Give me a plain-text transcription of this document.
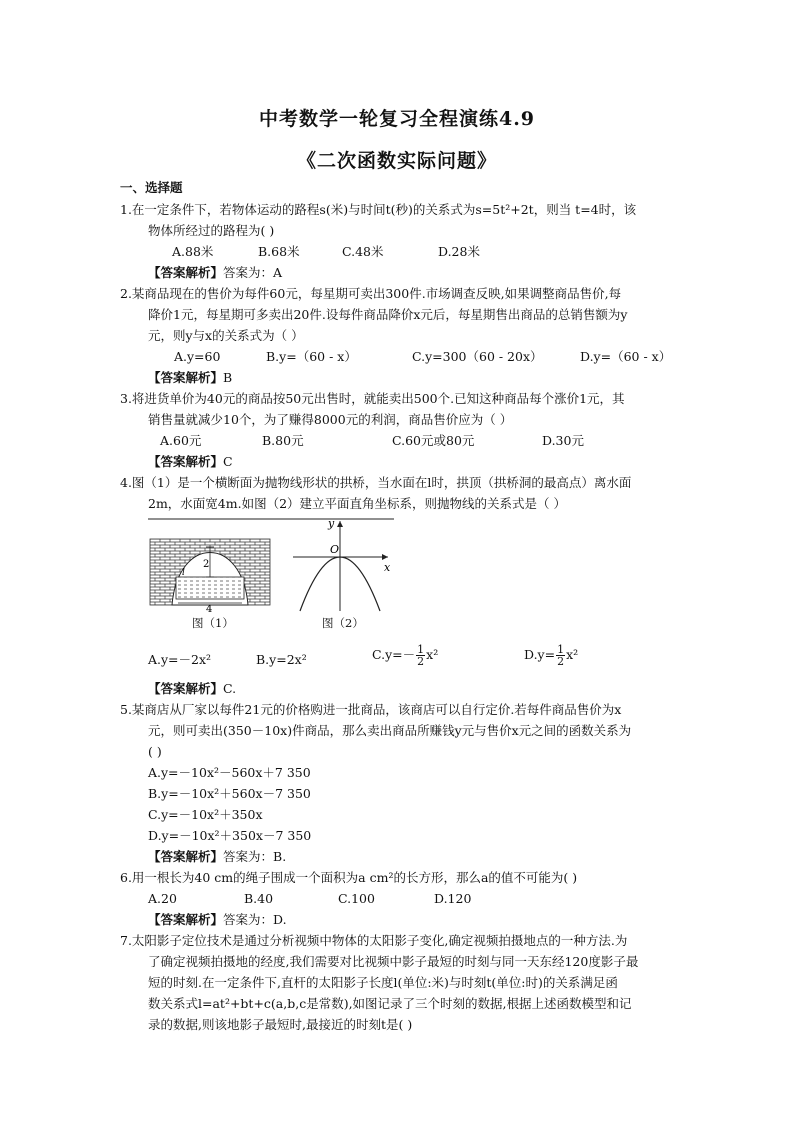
中考数学一轮复习全程演练4.9
《二次函数实际问题》
一、选择题
1.在一定条件下，若物体运动的路程s(米)与时间t(秒)的关系式为s=5t²+2t，则当 t=4时，该
物体所经过的路程为( )
A.88米	B.68米	C.48米	D.28米
【答案解析】答案为：A
2.某商品现在的售价为每件60元，每星期可卖出300件.市场调查反映,如果调整商品售价,每
降价1元，每星期可多卖出20件.设每件商品降价x元后，每星期售出商品的总销售额为y
元，则y与x的关系式为（ ）
A.y=60	B.y=（60 - x）	C.y=300（60 - 20x）	D.y=（60 - x）
【答案解析】B
3.将进货单价为40元的商品按50元出售时，就能卖出500个.已知这种商品每个涨价1元，其
销售量就减少10个，为了赚得8000元的利润，商品售价应为（ ）
A.60元	B.80元	C.60元或80元	D.30元
【答案解析】C
4.图（1）是一个横断面为抛物线形状的拱桥，当水面在l时，拱顶（拱桥洞的最高点）离水面
2m，水面宽4m.如图（2）建立平面直角坐标系，则抛物线的关系式是（ ）
2
l
4
y
x
O
图（1）	图（2）
A.y=－2x²	B.y=2x²	$C.y=- \frac{1}{2} x^2$	$D.y= \frac{1}{2} x^2$
【答案解析】C.
5.某商店从厂家以每件21元的价格购进一批商品，该商店可以自行定价.若每件商品售价为x
元，则可卖出(350－10x)件商品，那么卖出商品所赚钱y元与售价x元之间的函数关系为
( )
A.y=－10x²－560x＋7 350
B.y=－10x²＋560x－7 350
C.y=－10x²＋350x
D.y=－10x²＋350x－7 350
【答案解析】答案为：B.
6.用一根长为40 cm的绳子围成一个面积为a cm²的长方形，那么a的值不可能为( )
A.20	B.40	C.100	D.120
【答案解析】答案为：D.
7.太阳影子定位技术是通过分析视频中物体的太阳影子变化,确定视频拍摄地点的一种方法.为
了确定视频拍摄地的经度,我们需要对比视频中影子最短的时刻与同一天东经120度影子最
短的时刻.在一定条件下,直杆的太阳影子长度l(单位:米)与时刻t(单位:时)的关系满足函
数关系式l=at²+bt+c(a,b,c是常数),如图记录了三个时刻的数据,根据上述函数模型和记
录的数据,则该地影子最短时,最接近的时刻t是( )
